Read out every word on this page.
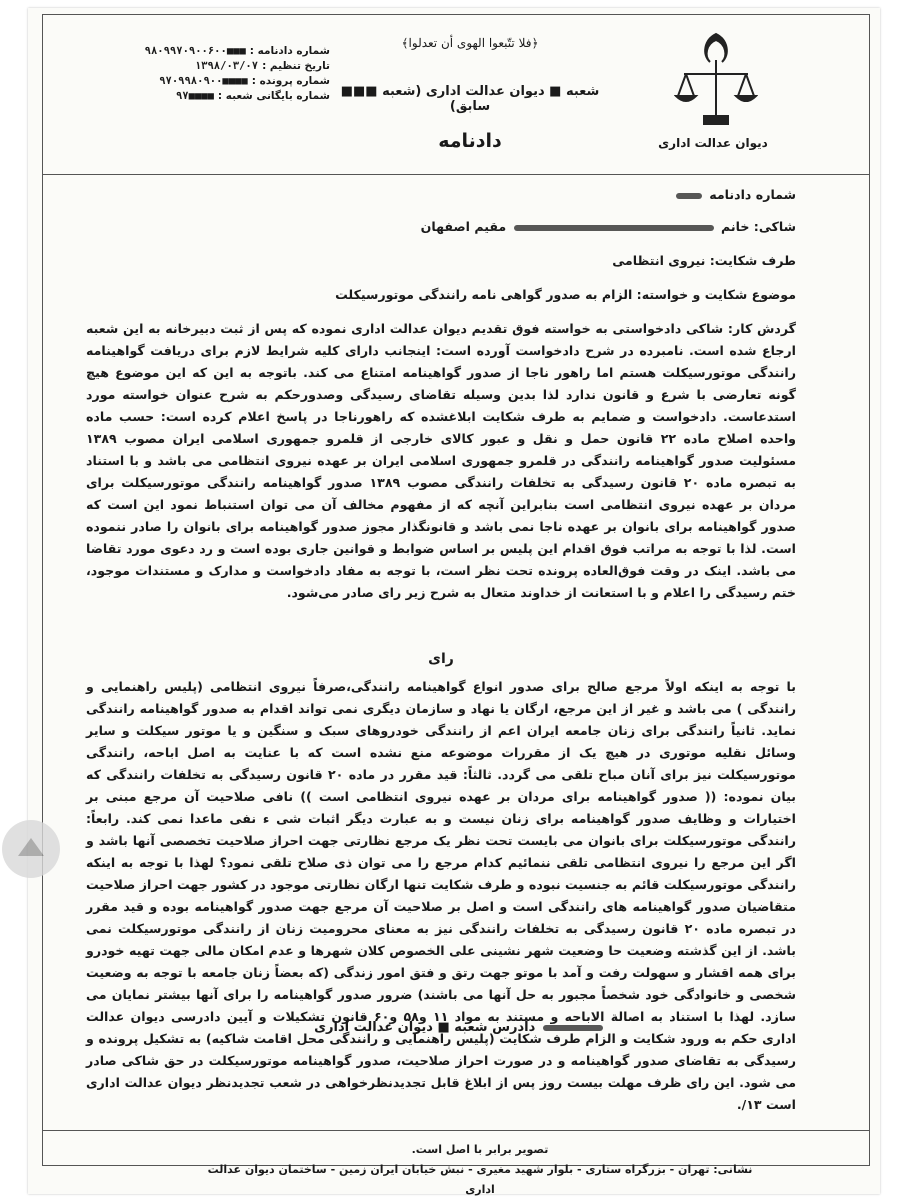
دیوان عدالت اداری
﴿فلا تتّبعوا الهوی أن تعدلوا﴾
شعبه ■ دیوان عدالت اداری (شعبه ■■■ سابق)
دادنامه
شماره دادنامه :
۹۸۰۹۹۷۰۹۰۰۶۰۰■■■
تاریخ تنظیم :
۱۳۹۸/۰۳/۰۷
شماره پرونده :
۹۷۰۹۹۸۰۹۰۰■■■■
شماره بایگانی شعبه :
۹۷■■■■
شماره دادنامه
شاکی: خانم  مقیم اصفهان
طرف شکایت: نیروی انتظامی
موضوع شکایت و خواسته: الزام به صدور گواهی نامه رانندگی موتورسیکلت

گردش کار: شاکی دادخواستی به خواسته فوق تقدیم دیوان عدالت اداری نموده که پس از ثبت دبیرخانه به این شعبه ارجاع شده است. نامبرده در شرح دادخواست آورده است: اینجانب دارای کلیه شرایط لازم برای دریافت گواهینامه رانندگی موتورسیکلت هستم اما راهور ناجا از صدور گواهینامه امتناع می کند. باتوجه به این که این موضوع هیچ گونه تعارضی با شرع و قانون ندارد لذا بدین وسیله تقاضای رسیدگی وصدورحکم به شرح عنوان خواسته مورد استدعاست. دادخواست و ضمایم به طرف شکایت ابلاغشده که راهورناجا در پاسخ اعلام کرده است: حسب ماده واحده اصلاح ماده ۲۲ قانون حمل و نقل و عبور کالای خارجی از قلمرو جمهوری اسلامی ایران مصوب ۱۳۸۹ مسئولیت صدور گواهینامه رانندگی در قلمرو جمهوری اسلامی ایران بر عهده نیروی انتظامی می باشد و با استناد به تبصره ماده ۲۰ قانون رسیدگی به تخلفات رانندگی مصوب ۱۳۸۹ صدور گواهینامه رانندگی موتورسیکلت برای مردان بر عهده نیروی انتظامی است بنابراین آنچه که از مفهوم مخالف آن می توان استنباط نمود این است که صدور گواهینامه برای بانوان بر عهده ناجا نمی باشد و قانونگذار مجوز صدور گواهینامه برای بانوان را صادر ننموده است. لذا با توجه به مراتب فوق اقدام این پلیس بر اساس ضوابط و قوانین جاری بوده است و رد دعوی مورد تقاضا می باشد. اینک در وقت فوق‌العاده پرونده تحت نظر است، با توجه به مفاد دادخواست و مدارک و مستندات موجود، ختم رسیدگی را اعلام و با استعانت از خداوند متعال به شرح زیر رای صادر می‌شود.

رای

با توجه به اینکه اولاً مرجع صالح برای صدور انواع گواهینامه رانندگی،صرفاً نیروی انتظامی (پلیس راهنمایی و رانندگی ) می باشد و غیر از این مرجع، ارگان یا نهاد و سازمان دیگری نمی تواند اقدام به صدور گواهینامه رانندگی نماید. ثانیاً رانندگی برای زنان جامعه ایران اعم از رانندگی خودروهای سبک و سنگین و یا موتور سیکلت و سایر وسائل نقلیه موتوری در هیچ یک از مقررات موضوعه منع نشده است که با عنایت به اصل اباحه، رانندگی موتورسیکلت نیز برای آنان مباح تلقی می گردد. ثالثاً: قید مقرر در ماده ۲۰ قانون رسیدگی به تخلفات رانندگی که بیان نموده: (( صدور گواهینامه برای مردان بر عهده نیروی انتظامی است )) نافی صلاحیت آن مرجع مبنی بر اختیارات و وظایف صدور گواهینامه برای زنان نیست و به عبارت دیگر اثبات شی ء نفی ماعدا نمی کند. رابعاً: رانندگی موتورسیکلت برای بانوان می بایست تحت نظر یک مرجع نظارتی جهت احراز صلاحیت تخصصی آنها باشد و اگر این مرجع را نیروی انتظامی تلقی ننمائیم کدام مرجع را می توان ذی صلاح تلقی نمود؟ لهذا با توجه به اینکه رانندگی موتورسیکلت قائم به جنسیت نبوده و طرف شکایت تنها ارگان نظارتی موجود در کشور جهت احراز صلاحیت متقاضیان صدور گواهینامه های رانندگی است و اصل بر صلاحیت آن مرجع جهت صدور گواهینامه بوده و قید مقرر در تبصره ماده ۲۰ قانون رسیدگی به تخلفات رانندگی نیز به معنای محرومیت زنان از رانندگی موتورسیکلت نمی باشد. از این گذشته وضعیت حا وضعیت شهر نشینی علی الخصوص کلان شهرها و عدم امکان مالی جهت تهیه خودرو برای همه اقشار و سهولت رفت و آمد با موتو جهت رتق و فتق امور زندگی (که بعضاً زنان جامعه با توجه به وضعیت شخصی و خانوادگی خود شخصاً مجبور به حل آنها می باشند) ضرور صدور گواهینامه را برای آنها بیشتر نمایان می سازد. لهذا با استناد به اصالة الاباحه و مستند به مواد ۱۱ و۵۸ و۶۰ قانون تشکیلات و آیین دادرسی دیوان عدالت اداری حکم به ورود شکایت و الزام طرف شکایت (پلیس راهنمایی و رانندگی محل اقامت شاکیه) به تشکیل پرونده و رسیدگی به تقاضای صدور گواهینامه و در صورت احراز صلاحیت، صدور گواهینامه موتورسیکلت در حق شاکی صادر می شود. این رای ظرف مهلت بیست روز پس از ابلاغ قابل تجدیدنظرخواهی در شعب تجدیدنظر دیوان عدالت اداری است ۱۳/.

دادرس شعبه ■ دیوان عدالت اداری
تصویر برابر با اصل است.
نشانی: تهران - بزرگراه ستاری - بلوار شهید مغیری - نبش خیابان ایران زمین - ساختمان دیوان عدالت اداری
